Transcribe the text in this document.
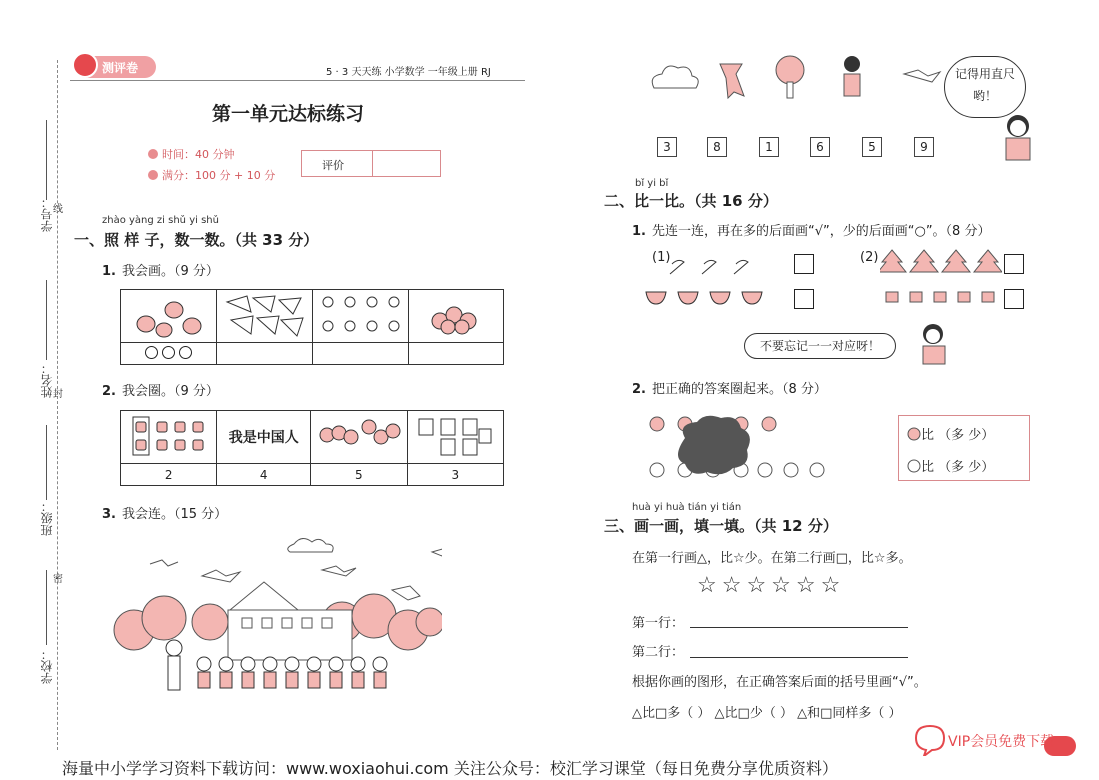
学号：
姓名：
班级：
学校：
线
封
密
测评卷	5 · 3 天天练 小学数学 一年级上册 RJ
第一单元达标练习
时间：40 分钟
满分：100 分 + 10 分
评价
zhào yàng zi shǔ yi shǔ
一、照 样 子，数一数。（共 33 分）
1. 我会画。（9 分）

2. 我会圈。（9 分）
	我是中国人		
2	4	5	3
3. 我会连。（15 分）
记得用直尺哟！
3	8	1	6	5	9
bǐ yi bǐ
二、比一比。（共 16 分）
1. 先连一连，再在多的后面画“√”，少的后面画“○”。（8 分）
(1)	(2)
不要忘记一一对应呀！
2. 把正确的答案圈起来。（8 分）
比 （多 少）
比 （多 少）
huà yi huà tián yi tián
三、画一画，填一填。（共 12 分）
在第一行画△，比☆少。在第二行画□，比☆多。
☆☆☆☆☆☆
第一行：
第二行：
根据你画的图形，在正确答案后面的括号里画“√”。
△比□多（ ） △比□少（ ） △和□同样多（ ）
VIP会员免费下载
海量中小学学习资料下载访问：www.woxiaohui.com 关注公众号：校汇学习课堂（每日免费分享优质资料）
